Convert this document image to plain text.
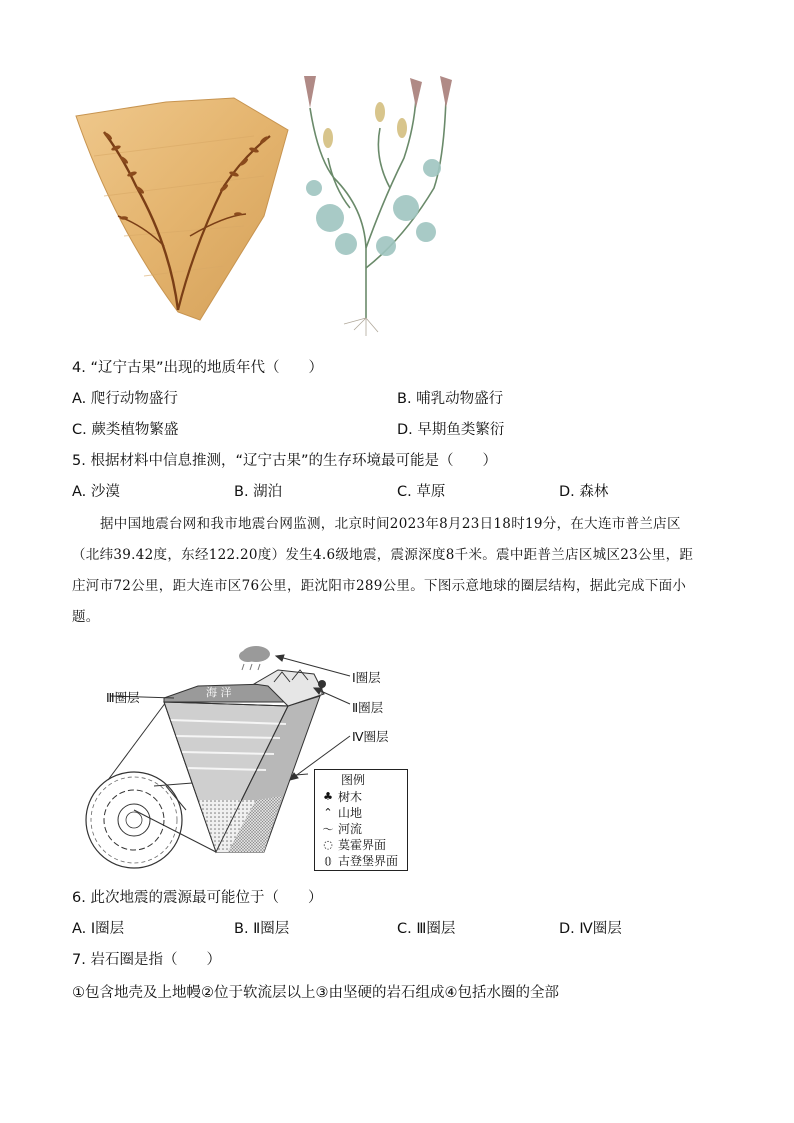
4. “辽宁古果”出现的地质年代（　　）
A. 爬行动物盛行	B. 哺乳动物盛行
C. 蕨类植物繁盛	D. 早期鱼类繁衍
5. 根据材料中信息推测，“辽宁古果”的生存环境最可能是（　　）
A. 沙漠	B. 湖泊	C. 草原	D. 森林
据中国地震台网和我市地震台网监测，北京时间2023年8月23日18时19分，在大连市普兰店区
（北纬39.42度，东经122.20度）发生4.6级地震，震源深度8千米。震中距普兰店区城区23公里，距
庄河市72公里，距大连市区76公里，距沈阳市289公里。下图示意地球的圈层结构，据此完成下面小
题。
Ⅰ圈层
Ⅱ圈层
Ⅳ圈层
Ⅲ圈层	海 洋
图例
♣ 树木
⌃ 山地
〜 河流
◌ 莫霍界面
⦅⦆ 古登堡界面
6. 此次地震的震源最可能位于（　　）
A. Ⅰ圈层	B. Ⅱ圈层	C. Ⅲ圈层	D. Ⅳ圈层
7. 岩石圈是指（　　）
①包含地壳及上地幔②位于软流层以上③由坚硬的岩石组成④包括水圈的全部
